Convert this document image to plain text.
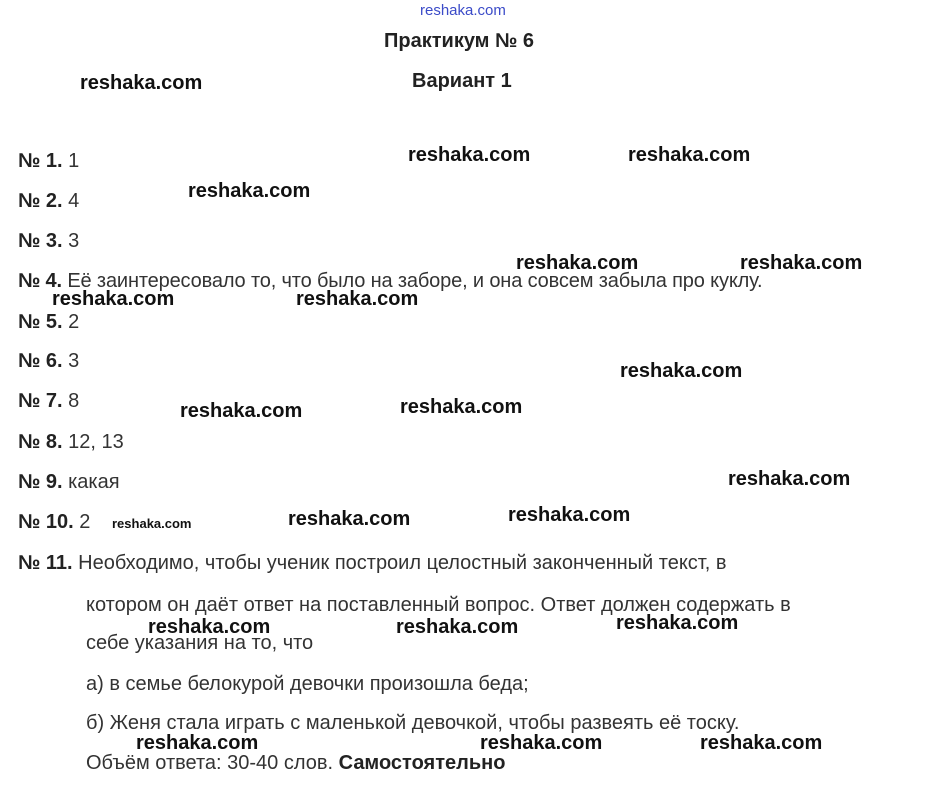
reshaka.com
Практикум № 6
Вариант 1
№ 1. 1
№ 2. 4
№ 3. 3
№ 4. Её заинтересовало то, что было на заборе, и она совсем забыла про куклу.
№ 5. 2
№ 6. 3
№ 7. 8
№ 8. 12, 13
№ 9. какая
№ 10. 2
№ 11. Необходимо, чтобы ученик построил целостный законченный текст, в
котором он даёт ответ на поставленный вопрос. Ответ должен содержать в
себе указания на то, что
а) в семье белокурой девочки произошла беда;
б) Женя стала играть с маленькой девочкой, чтобы развеять её тоску.
Объём ответа: 30-40 слов. Самостоятельно
reshaka.com
reshaka.com	reshaka.com
reshaka.com
reshaka.com	reshaka.com
reshaka.com	reshaka.com
reshaka.com
reshaka.com	reshaka.com
reshaka.com
reshaka.com	reshaka.com	reshaka.com
reshaka.com	reshaka.com	reshaka.com
reshaka.com	reshaka.com	reshaka.com
